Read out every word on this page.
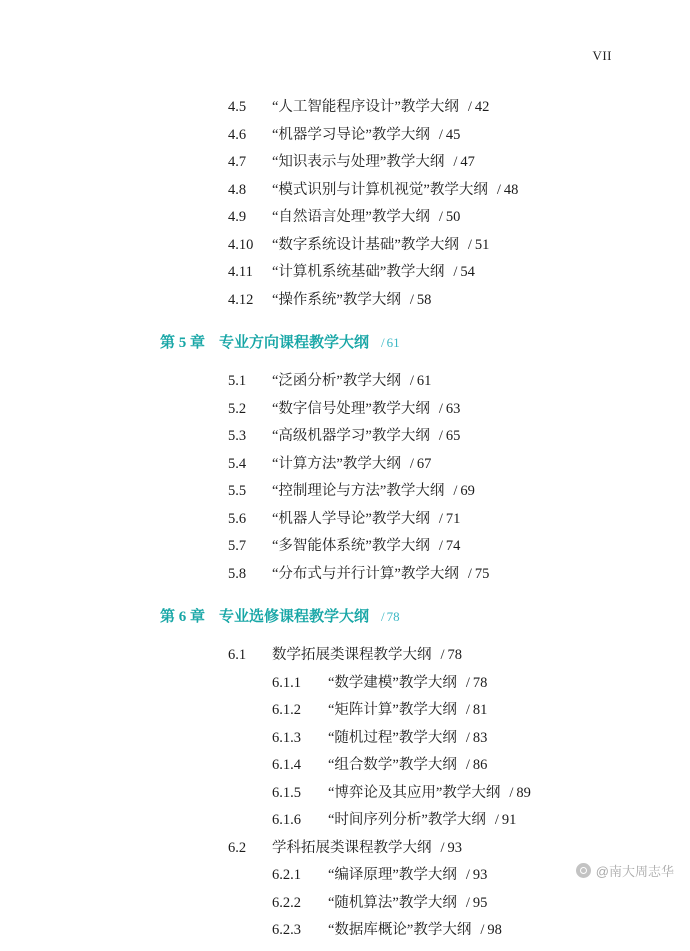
VII
4.5	“人工智能程序设计”教学大纲 / 42
4.6	“机器学习导论”教学大纲 / 45
4.7	“知识表示与处理”教学大纲 / 47
4.8	“模式识别与计算机视觉”教学大纲 / 48
4.9	“自然语言处理”教学大纲 / 50
4.10	“数字系统设计基础”教学大纲 / 51
4.11	“计算机系统基础”教学大纲 / 54
4.12	“操作系统”教学大纲 / 58
第 5 章 专业方向课程教学大纲 / 61
5.1	“泛函分析”教学大纲 / 61
5.2	“数字信号处理”教学大纲 / 63
5.3	“高级机器学习”教学大纲 / 65
5.4	“计算方法”教学大纲 / 67
5.5	“控制理论与方法”教学大纲 / 69
5.6	“机器人学导论”教学大纲 / 71
5.7	“多智能体系统”教学大纲 / 74
5.8	“分布式与并行计算”教学大纲 / 75
第 6 章 专业选修课程教学大纲 / 78
6.1	数学拓展类课程教学大纲 / 78
6.1.1	“数学建模”教学大纲 / 78
6.1.2	“矩阵计算”教学大纲 / 81
6.1.3	“随机过程”教学大纲 / 83
6.1.4	“组合数学”教学大纲 / 86
6.1.5	“博弈论及其应用”教学大纲 / 89
6.1.6	“时间序列分析”教学大纲 / 91
6.2	学科拓展类课程教学大纲 / 93
6.2.1	“编译原理”教学大纲 / 93
6.2.2	“随机算法”教学大纲 / 95
6.2.3	“数据库概论”教学大纲 / 98
@南大周志华
